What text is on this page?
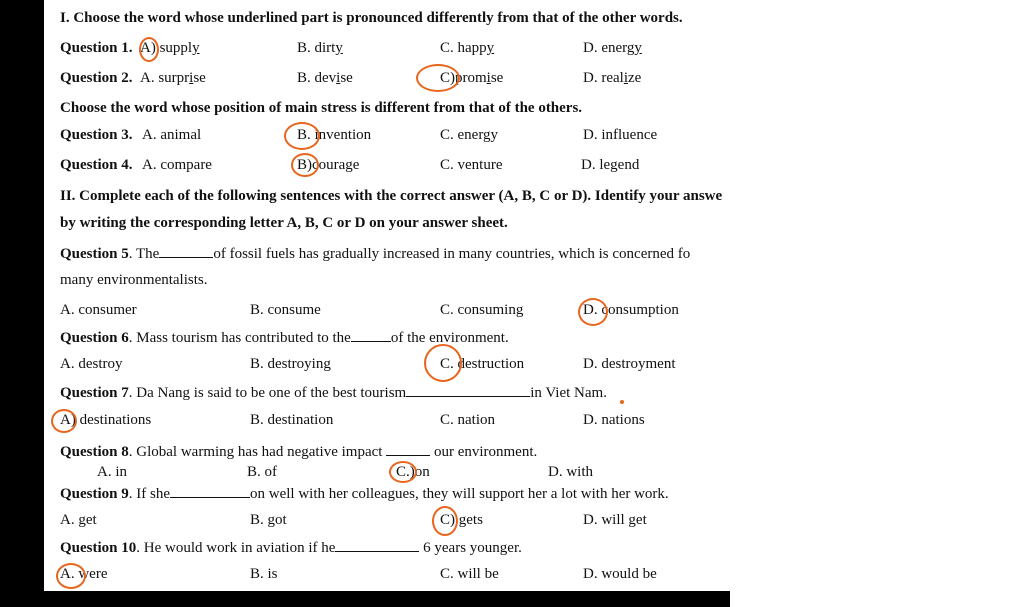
I. Choose the word whose underlined part is pronounced differently from that of the other words.
Question 1. A) supply	B. dirty	C. happy	D. energy
Question 2. A. surprise	B. devise	C)promise	D. realize
Choose the word whose position of main stress is different from that of the others.
Question 3. A. animal	B. invention	C. energy	D. influence
Question 4. A. compare	B)courage	C. venture	D. legend
II. Complete each of the following sentences with the correct answer (A, B, C or D). Identify your answe
by writing the corresponding letter A, B, C or D on your answer sheet.
Question 5. The	of fossil fuels has gradually increased in many countries, which is concerned fo
many environmentalists.
A. consumer	B. consume	C. consuming	D. consumption
Question 6. Mass tourism has contributed to the	of the environment.
A. destroy	B. destroying	C. destruction	D. destroyment
Question 7. Da Nang is said to be one of the best tourism	in Viet Nam.
A) destinations	B. destination	C. nation	D. nations
Question 8. Global warming has had negative impact	our environment.
A. in	B. of	C.)on	D. with
Question 9. If she	on well with her colleagues, they will support her a lot with her work.
A. get	B. got	C) gets	D. will get
Question 10. He would work in aviation if he	6 years younger.
A. were	B. is	C. will be	D. would be
